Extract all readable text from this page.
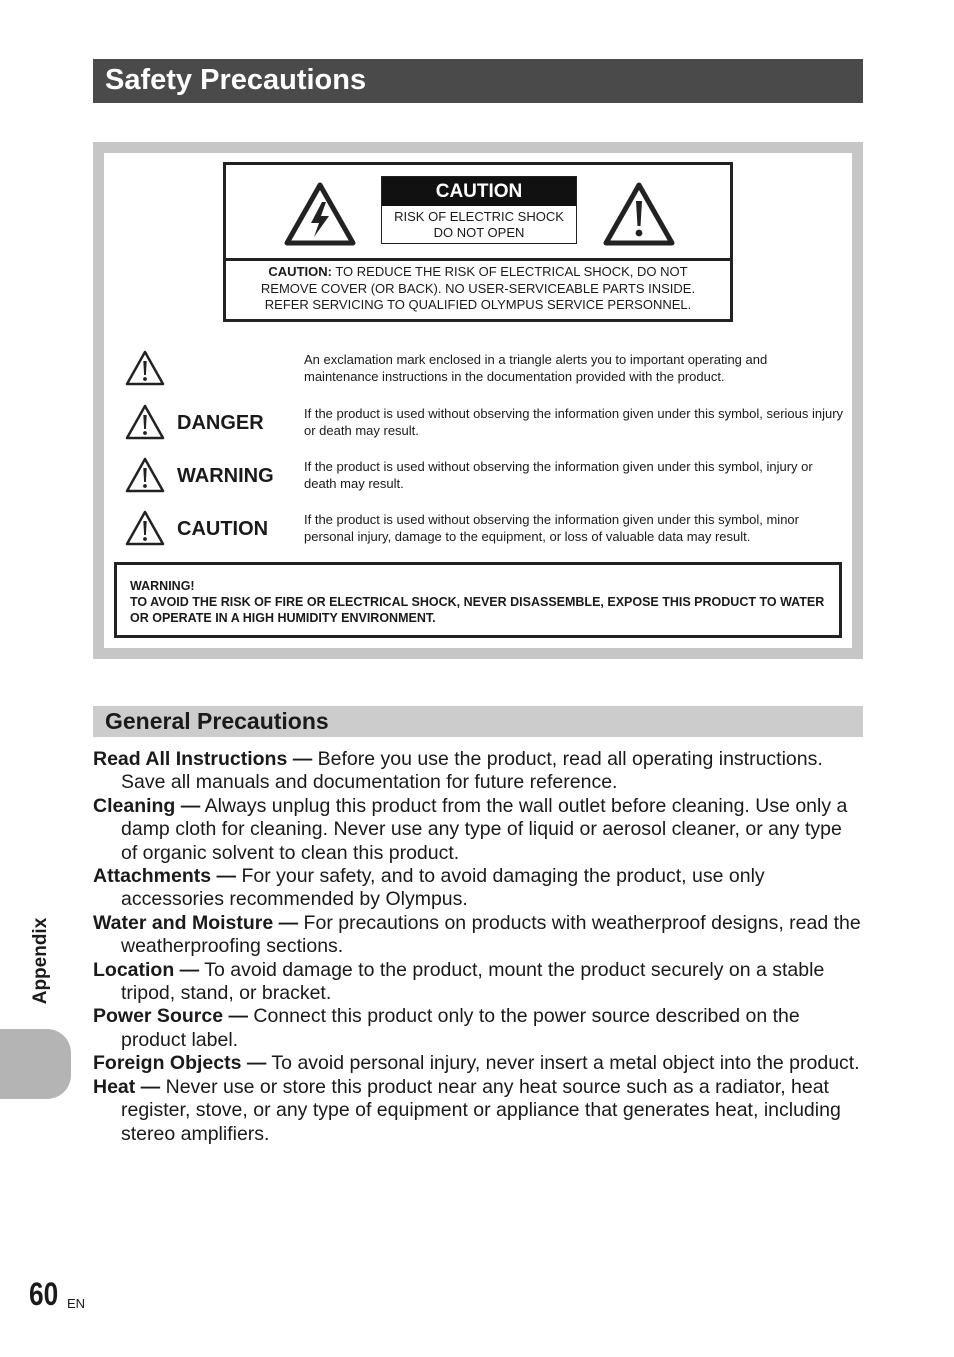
Safety Precautions
CAUTION
RISK OF ELECTRIC SHOCK
DO NOT OPEN
CAUTION: TO REDUCE THE RISK OF ELECTRICAL SHOCK, DO NOT
REMOVE COVER (OR BACK). NO USER-SERVICEABLE PARTS INSIDE.
REFER SERVICING TO QUALIFIED OLYMPUS SERVICE PERSONNEL.
An exclamation mark enclosed in a triangle alerts you to important operating and maintenance instructions in the documentation provided with the product.
DANGER	If the product is used without observing the information given under this symbol, serious injury or death may result.
WARNING If the product is used without observing the information given under this symbol, injury or death may result.
CAUTION	If the product is used without observing the information given under this symbol, minor personal injury, damage to the equipment, or loss of valuable data may result.
WARNING!
TO AVOID THE RISK OF FIRE OR ELECTRICAL SHOCK, NEVER DISASSEMBLE, EXPOSE THIS PRODUCT TO WATER OR OPERATE IN A HIGH HUMIDITY ENVIRONMENT.
General Precautions

Read All Instructions — Before you use the product, read all operating instructions. Save all manuals and documentation for future reference.

Cleaning — Always unplug this product from the wall outlet before cleaning. Use only a damp cloth for cleaning. Never use any type of liquid or aerosol cleaner, or any type of organic solvent to clean this product.

Attachments — For your safety, and to avoid damaging the product, use only accessories recommended by Olympus.

Water and Moisture — For precautions on products with weatherproof designs, read the weatherproofing sections.

Location — To avoid damage to the product, mount the product securely on a stable tripod, stand, or bracket.

Power Source — Connect this product only to the power source described on the product label.

Foreign Objects — To avoid personal injury, never insert a metal object into the product.

Heat — Never use or store this product near any heat source such as a radiator, heat register, stove, or any type of equipment or appliance that generates heat, including stereo amplifiers.

Appendix
60 EN
